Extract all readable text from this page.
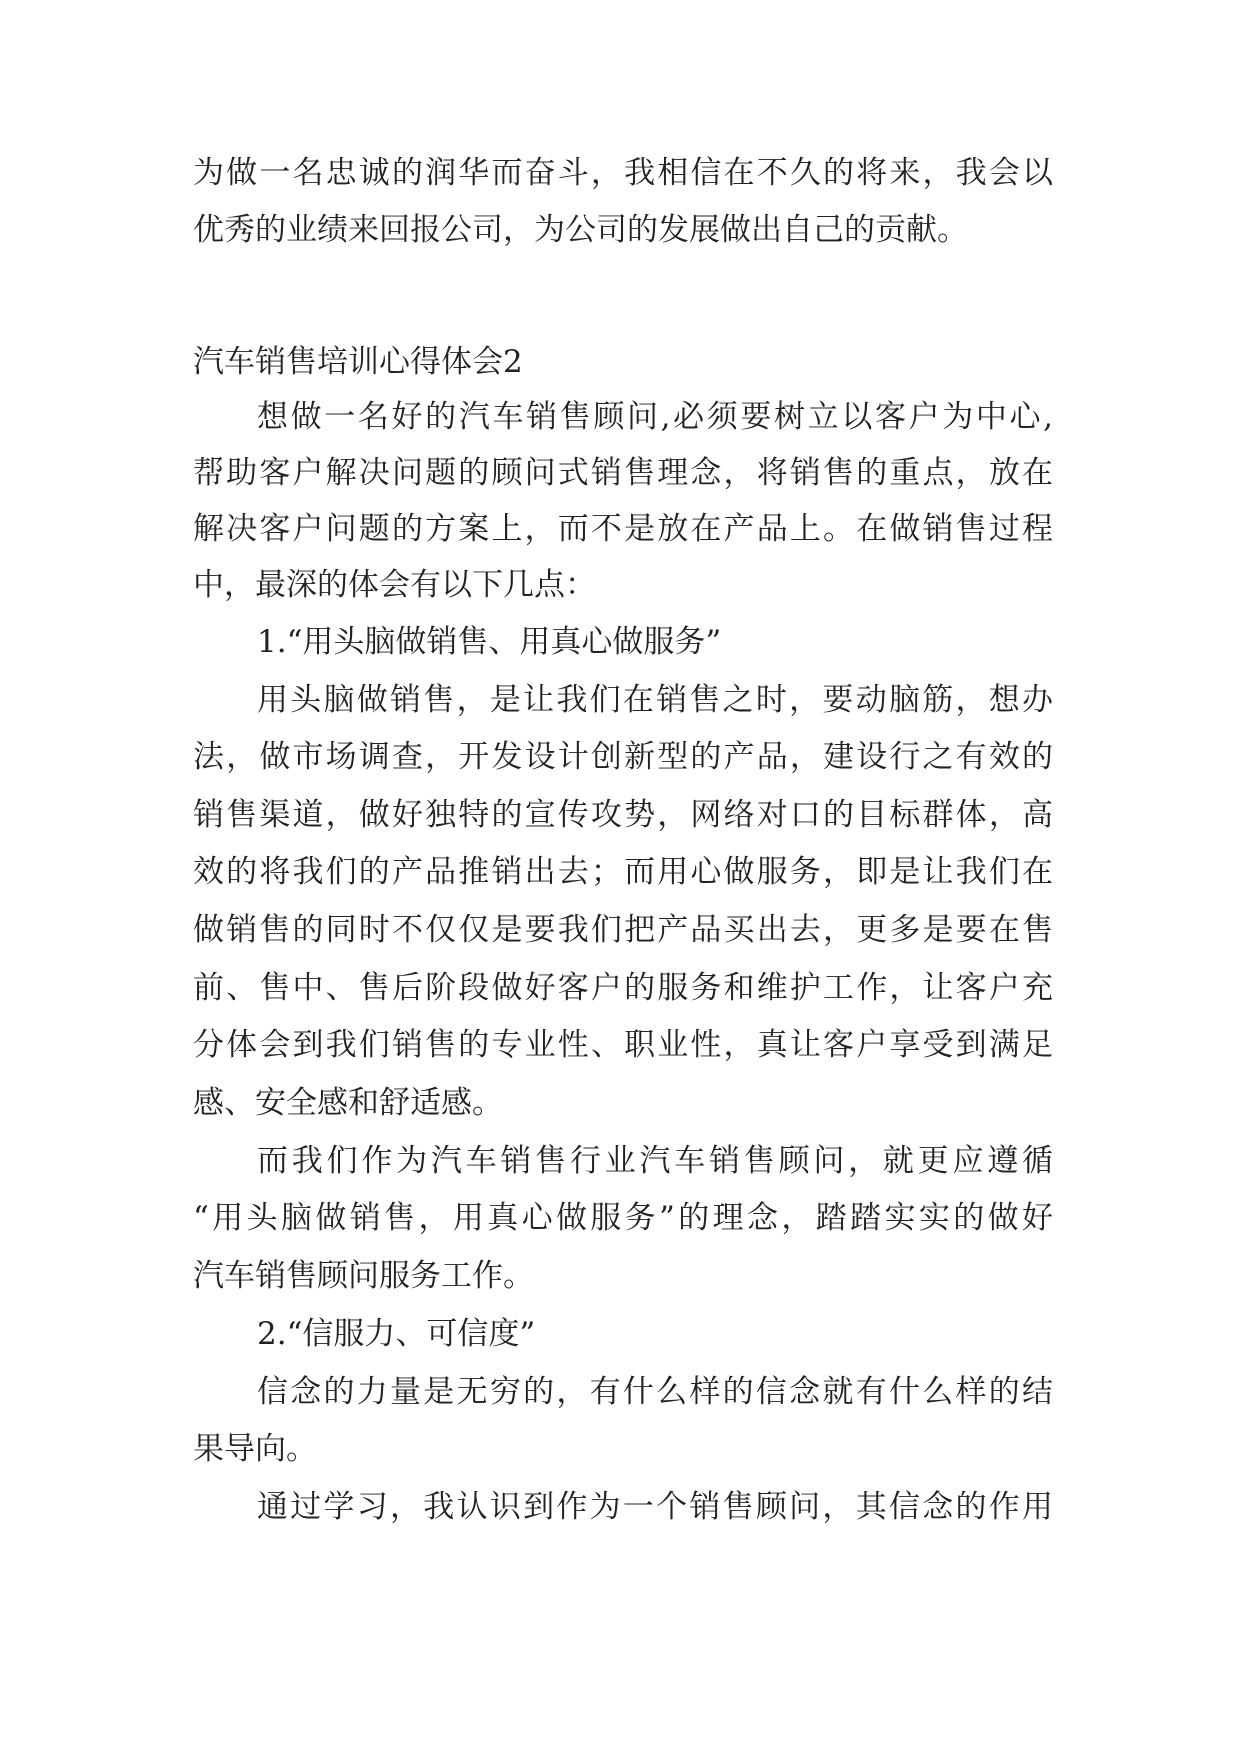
为做一名忠诚的润华而奋斗，我相信在不久的将来，我会以
优秀的业绩来回报公司，为公司的发展做出自己的贡献。
汽车销售培训心得体会2
想做一名好的汽车销售顾问,必须要树立以客户为中心,
帮助客户解决问题的顾问式销售理念，将销售的重点，放在
解决客户问题的方案上，而不是放在产品上。在做销售过程
中，最深的体会有以下几点：
1.“用头脑做销售、用真心做服务”
用头脑做销售，是让我们在销售之时，要动脑筋，想办
法，做市场调查，开发设计创新型的产品，建设行之有效的
销售渠道，做好独特的宣传攻势，网络对口的目标群体，高
效的将我们的产品推销出去；而用心做服务，即是让我们在
做销售的同时不仅仅是要我们把产品买出去，更多是要在售
前、售中、售后阶段做好客户的服务和维护工作，让客户充
分体会到我们销售的专业性、职业性，真让客户享受到满足
感、安全感和舒适感。
而我们作为汽车销售行业汽车销售顾问，就更应遵循
“用头脑做销售，用真心做服务”的理念，踏踏实实的做好
汽车销售顾问服务工作。
2.“信服力、可信度”
信念的力量是无穷的，有什么样的信念就有什么样的结
果导向。
通过学习，我认识到作为一个销售顾问，其信念的作用
